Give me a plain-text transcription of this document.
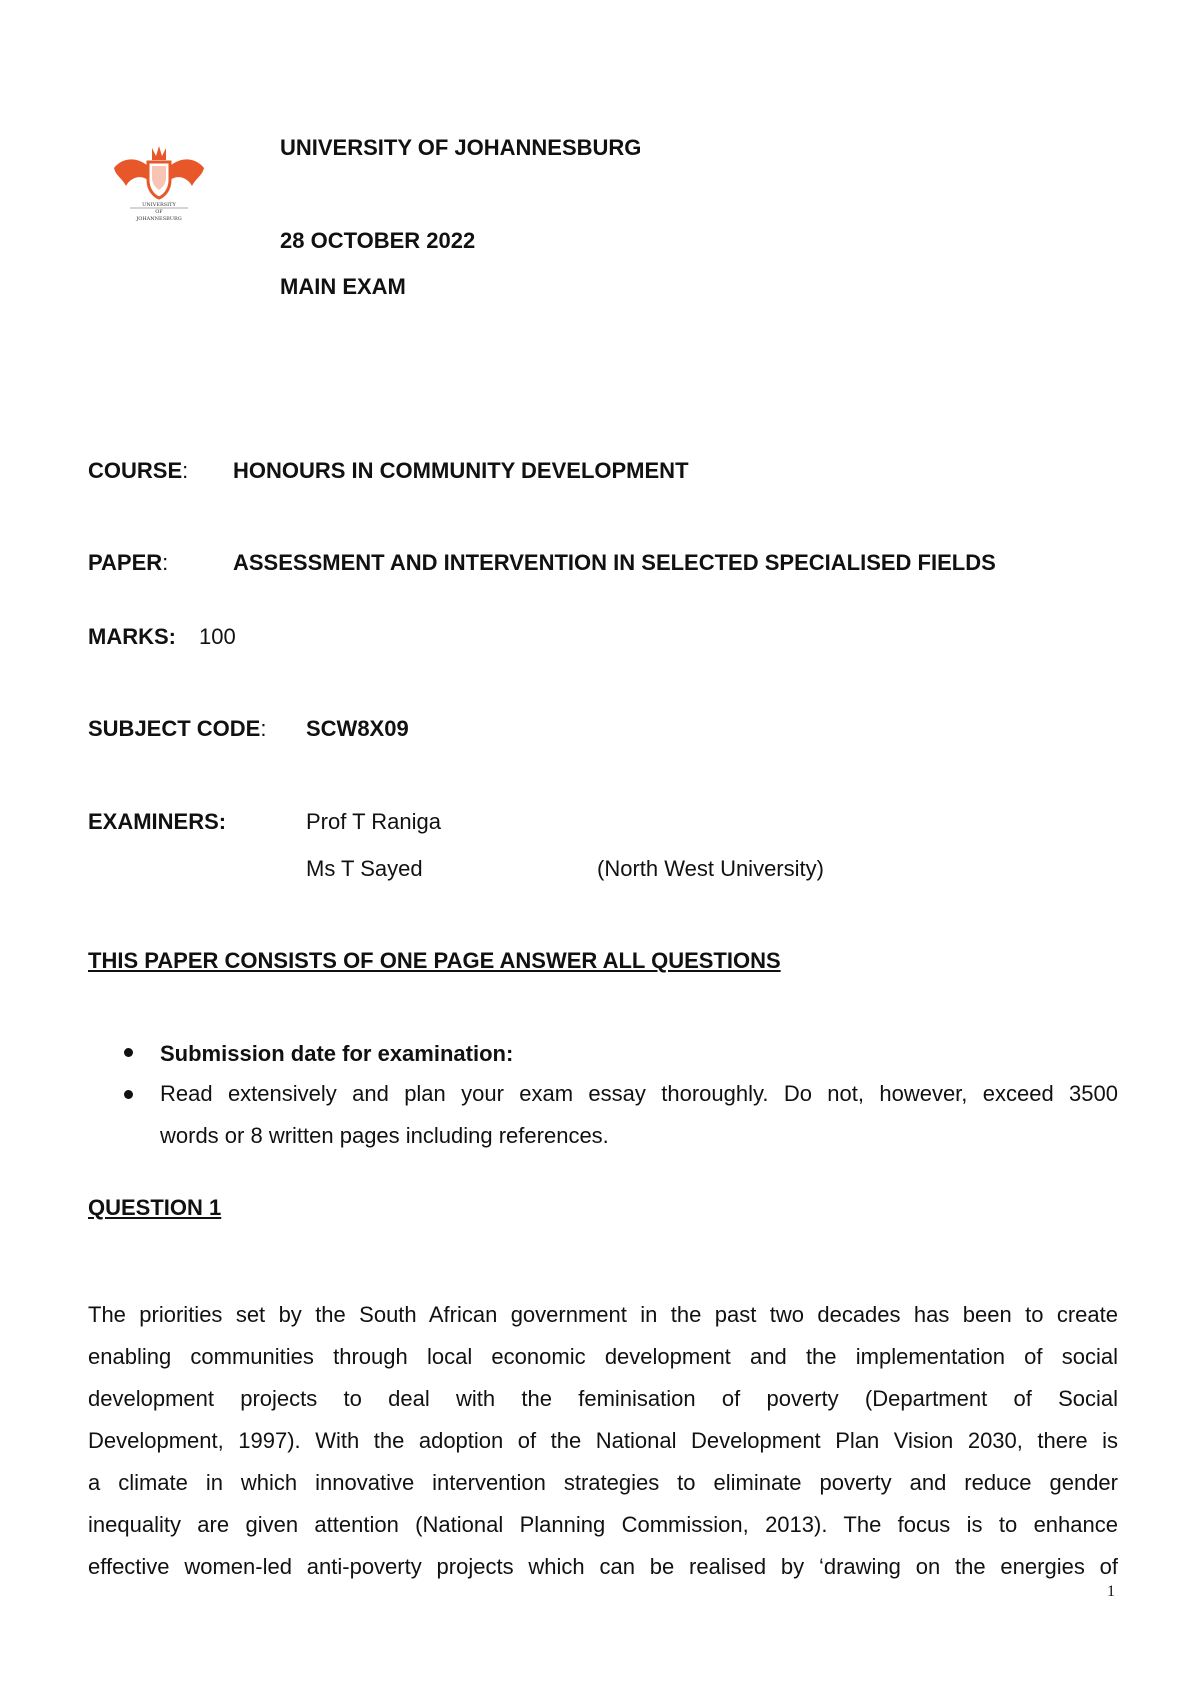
UNIVERSITY
OF
JOHANNESBURG
UNIVERSITY OF JOHANNESBURG
28 OCTOBER 2022
MAIN EXAM
COURSE: HONOURS IN COMMUNITY DEVELOPMENT
PAPER:	ASSESSMENT AND INTERVENTION IN SELECTED SPECIALISED FIELDS
MARKS: 100
SUBJECT CODE: SCW8X09
EXAMINERS:	Prof T Raniga
Ms T Sayed	(North West University)
THIS PAPER CONSISTS OF ONE PAGE ANSWER ALL QUESTIONS
Submission date for examination:
Read extensively and plan your exam essay thoroughly. Do not, however, exceed 3500
words or 8 written pages including references.
QUESTION 1
The priorities set by the South African government in the past two decades has been to create
enabling communities through local economic development and the implementation of social
development projects to deal with the feminisation of poverty (Department of Social
Development, 1997). With the adoption of the National Development Plan Vision 2030, there is
a climate in which innovative intervention strategies to eliminate poverty and reduce gender
inequality are given attention (National Planning Commission, 2013). The focus is to enhance
effective women-led anti-poverty projects which can be realised by ‘drawing on the energies of
1
